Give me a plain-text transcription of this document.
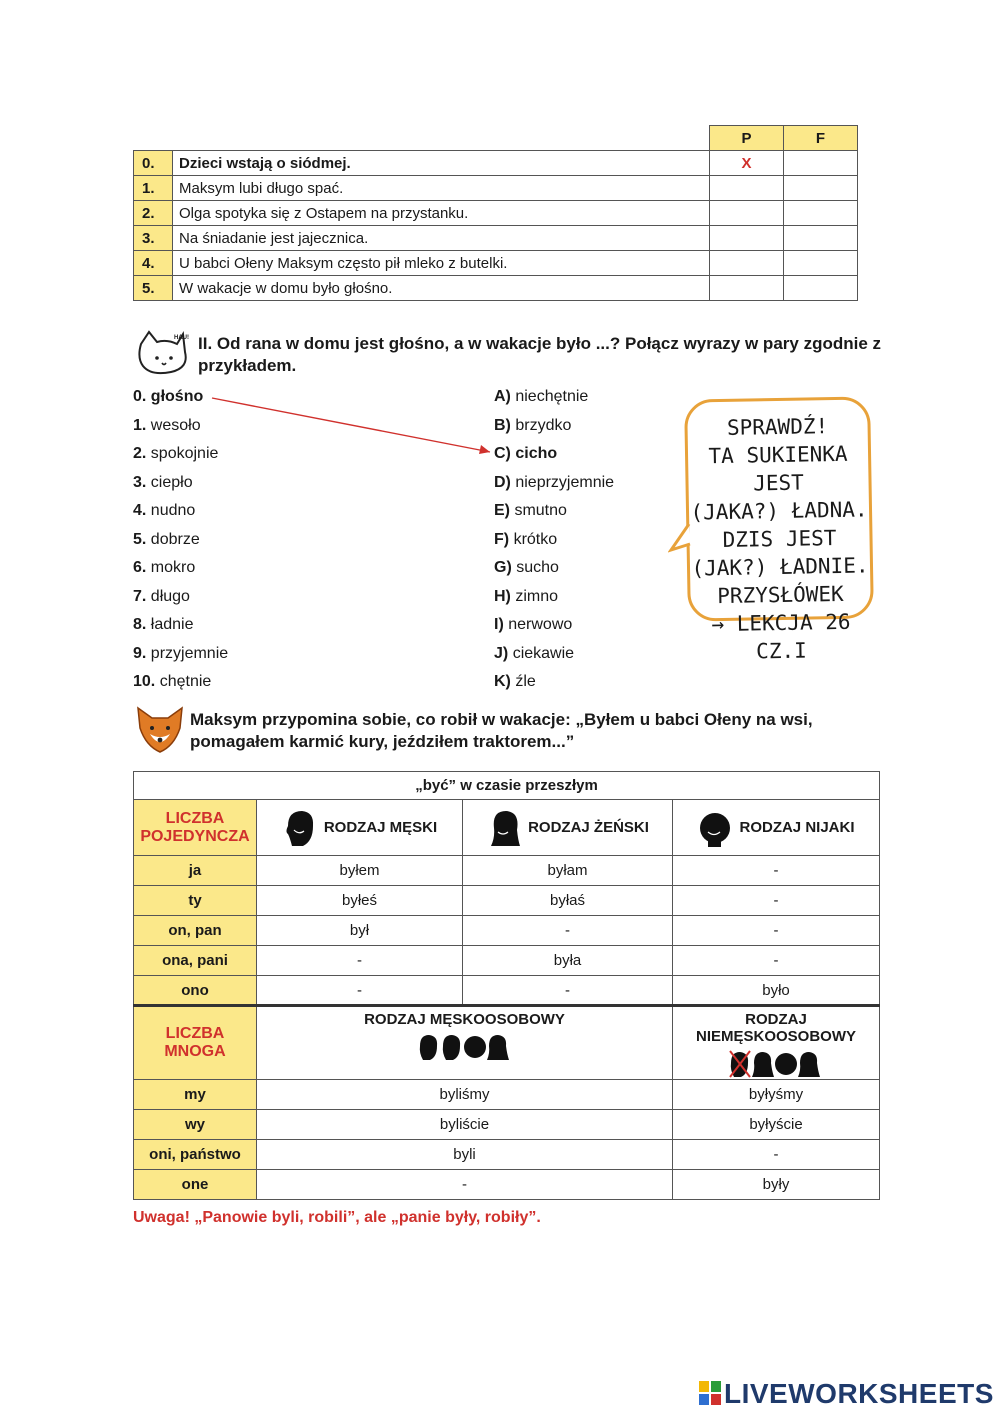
		P	F
0.	Dzieci wstają o siódmej.	X	
1.	Maksym lubi długo spać.		
2.	Olga spotyka się z Ostapem na przystanku.		
3.	Na śniadanie jest jajecznica.		
4.	U babci Ołeny Maksym często pił mleko z butelki.		
5.	W wakacje w domu było głośno.		
HAU! II. Od rana w domu jest głośno, a w wakacje było ...? Połącz wyrazy w pary zgodnie z przykładem.
0. głośno
1. wesoło
2. spokojnie
3. ciepło
4. nudno
5. dobrze
6. mokro
7. długo
8. ładnie
9. przyjemnie
10. chętnie
A) niechętnie
B) brzydko
C) cicho
D) nieprzyjemnie
E) smutno
F) krótko
G) sucho
H) zimno
I) nerwowo
J) ciekawie
K) źle
SPRAWDŹ!
TA SUKIENKA JEST
(JAKA?) ŁADNA.
DZIS JEST
(JAK?) ŁADNIE.
PRZYSŁÓWEK
→ LEKCJA 26 CZ.I
Maksym przypomina sobie, co robił w wakacje: „Byłem u babci Ołeny na wsi, pomagałem karmić kury, jeździłem traktorem...”
„być” w czasie przeszłym			
LICZBA POJEDYNCZA	RODZAJ MĘSKI	RODZAJ ŻEŃSKI	RODZAJ NIJAKI

ja	byłem	byłam	-
ty	byłeś	byłaś	-
on, pan	był	-	-
ona, pani	-	była	-
ono	-	-	było
LICZBA MNOGA	RODZAJ MĘSKOOSOBOWY		RODZAJ NIEMĘSKOOSOBOWY

my	byliśmy		byłyśmy
wy	byliście		byłyście
oni, państwo	byli		-
one	-		były
Uwaga! „Panowie byli, robili”, ale „panie były, robiły”.
LIVEWORKSHEETS
